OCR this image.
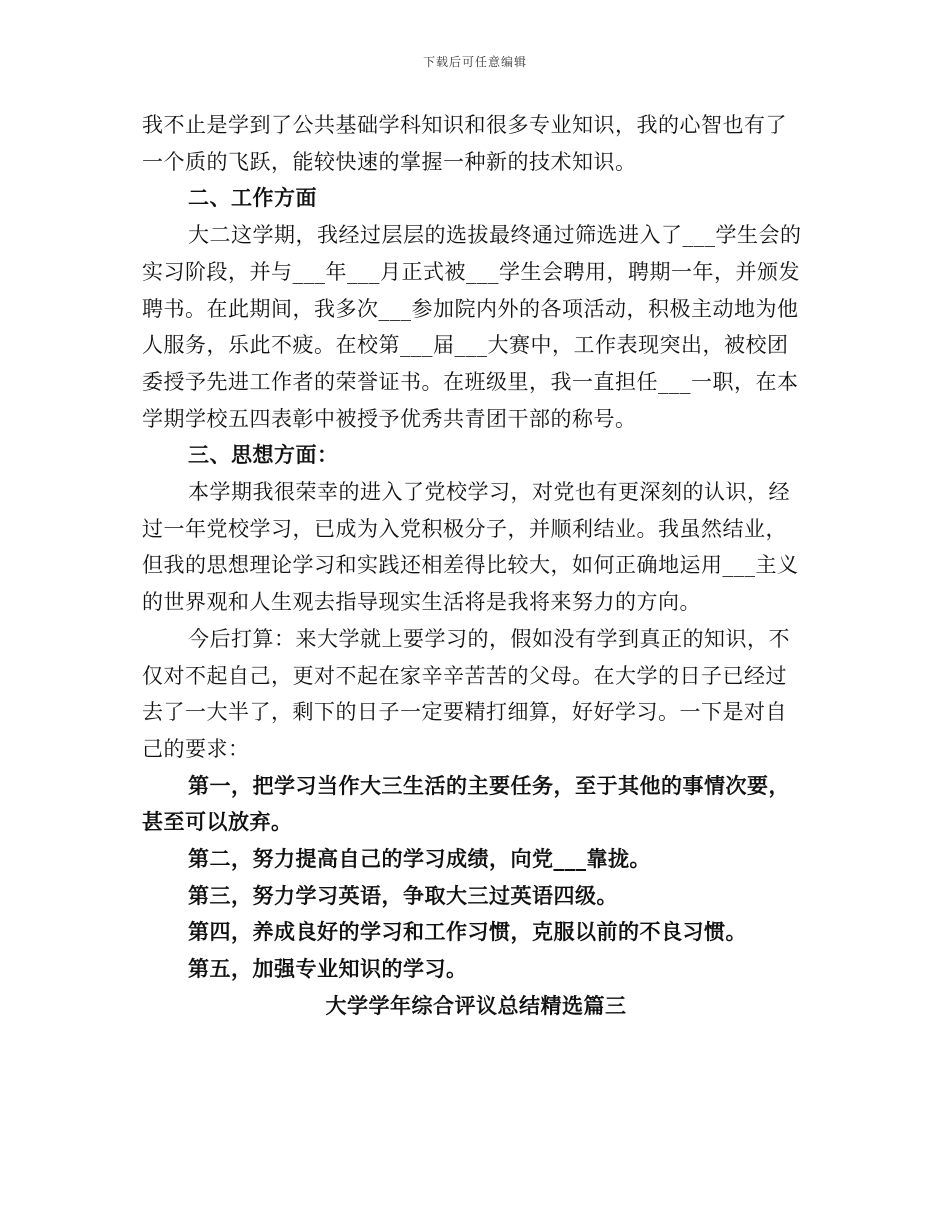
下载后可任意编辑
我不止是学到了公共基础学科知识和很多专业知识，我的心智也有了
一个质的飞跃，能较快速的掌握一种新的技术知识。
二、工作方面
大二这学期，我经过层层的选拔最终通过筛选进入了___学生会的
实习阶段，并与___年___月正式被___学生会聘用，聘期一年，并颁发
聘书。在此期间，我多次___参加院内外的各项活动，积极主动地为他
人服务，乐此不疲。在校第___届___大赛中，工作表现突出，被校团
委授予先进工作者的荣誉证书。在班级里，我一直担任___一职，在本
学期学校五四表彰中被授予优秀共青团干部的称号。
三、思想方面：
本学期我很荣幸的进入了党校学习，对党也有更深刻的认识，经
过一年党校学习，已成为入党积极分子，并顺利结业。我虽然结业，
但我的思想理论学习和实践还相差得比较大，如何正确地运用___主义
的世界观和人生观去指导现实生活将是我将来努力的方向。
今后打算：来大学就上要学习的，假如没有学到真正的知识，不
仅对不起自己，更对不起在家辛辛苦苦的父母。在大学的日子已经过
去了一大半了，剩下的日子一定要精打细算，好好学习。一下是对自
己的要求：
第一，把学习当作大三生活的主要任务，至于其他的事情次要，
甚至可以放弃。
第二，努力提高自己的学习成绩，向党___靠拢。
第三，努力学习英语，争取大三过英语四级。
第四，养成良好的学习和工作习惯，克服以前的不良习惯。
第五，加强专业知识的学习。
大学学年综合评议总结精选篇三
